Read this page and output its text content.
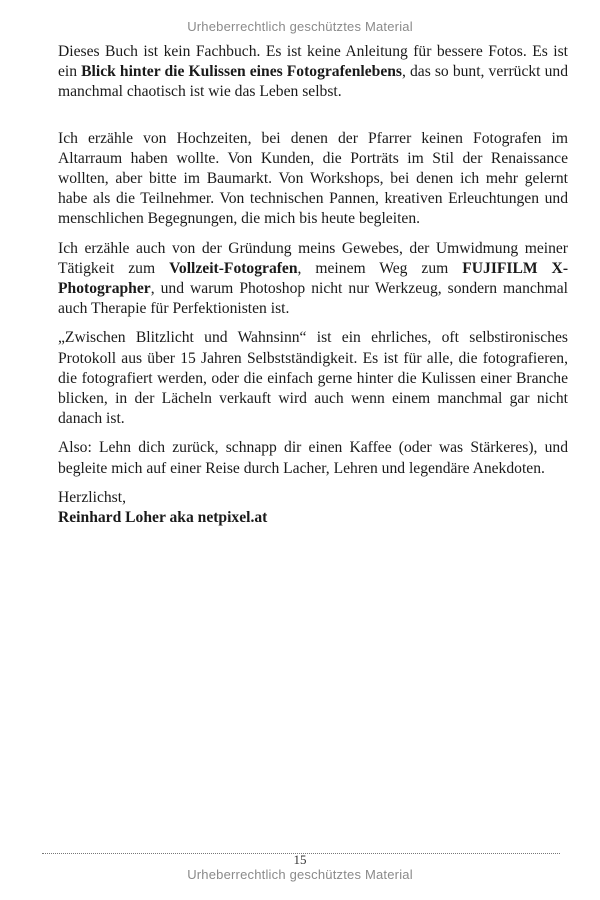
Urheberrechtlich geschütztes Material

Dieses Buch ist kein Fachbuch. Es ist keine Anleitung für bessere Fotos. Es ist ein Blick hinter die Kulissen eines Fotografenlebens, das so bunt, verrückt und manchmal chaotisch ist wie das Leben selbst.

Ich erzähle von Hochzeiten, bei denen der Pfarrer keinen Fotografen im Altarraum haben wollte. Von Kunden, die Porträts im Stil der Renaissance wollten, aber bitte im Baumarkt. Von Workshops, bei denen ich mehr gelernt habe als die Teilnehmer. Von technischen Pannen, kreativen Erleuchtungen und menschlichen Begegnungen, die mich bis heute begleiten.

Ich erzähle auch von der Gründung meins Gewebes, der Umwidmung meiner Tätigkeit zum Vollzeit-Fotografen, meinem Weg zum FUJIFILM X-Photographer, und warum Photoshop nicht nur Werkzeug, sondern manchmal auch Therapie für Perfektionisten ist.

„Zwischen Blitzlicht und Wahnsinn“ ist ein ehrliches, oft selbstironisches Protokoll aus über 15 Jahren Selbstständigkeit. Es ist für alle, die fotografieren, die fotografiert werden, oder die einfach gerne hinter die Kulissen einer Branche blicken, in der Lächeln verkauft wird auch wenn einem manchmal gar nicht danach ist.

Also: Lehn dich zurück, schnapp dir einen Kaffee (oder was Stärkeres), und begleite mich auf einer Reise durch Lacher, Lehren und legendäre Anekdoten.

Herzlichst,
Reinhard Loher aka netpixel.at
15
Urheberrechtlich geschütztes Material
